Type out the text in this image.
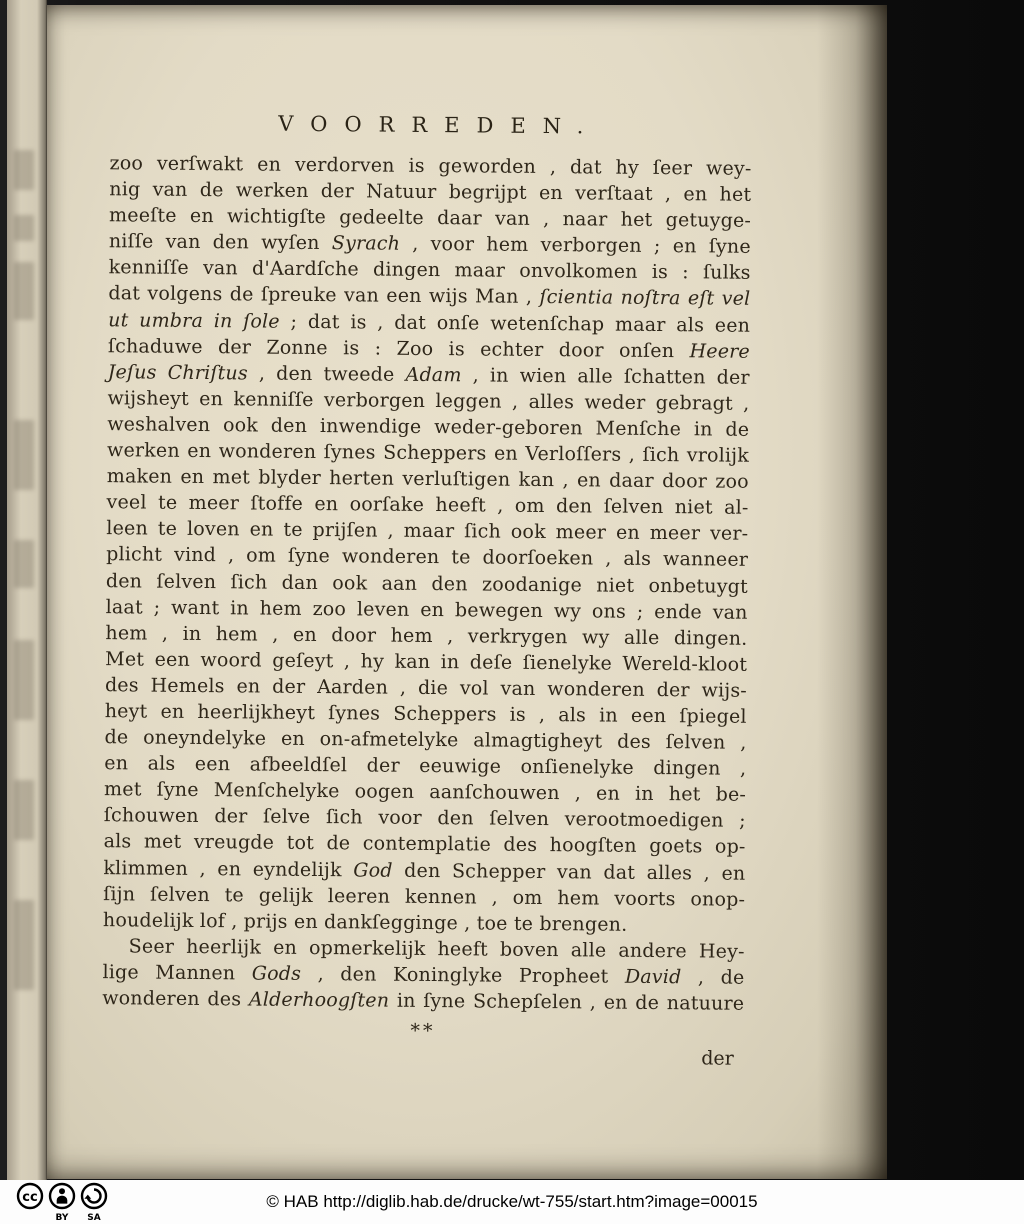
VOORREDEN.
zoo verſwakt en verdorven is geworden , dat hy ſeer wey-
nig van de werken der Natuur begrijpt en verſtaat , en het
meeſte en wichtigſte gedeelte daar van , naar het getuyge-
niſſe van den wyſen Syrach , voor hem verborgen ; en ſyne
kenniſſe van d'Aardſche dingen maar onvolkomen is : ſulks
dat volgens de ſpreuke van een wijs Man , ſcientia noſtra eſt vel
ut umbra in ſole ; dat is , dat onſe wetenſchap maar als een
ſchaduwe der Zonne is : Zoo is echter door onſen Heere
Jeſus Chriſtus , den tweede Adam , in wien alle ſchatten der
wijsheyt en kenniſſe verborgen leggen , alles weder gebragt ,
weshalven ook den inwendige weder-geboren Menſche in de
werken en wonderen ſynes Scheppers en Verloſſers , ſich vrolijk
maken en met blyder herten verluſtigen kan , en daar door zoo
veel te meer ſtoffe en oorſake heeft , om den ſelven niet al-
leen te loven en te prijſen , maar ſich ook meer en meer ver-
plicht vind , om ſyne wonderen te doorſoeken , als wanneer
den ſelven ſich dan ook aan den zoodanige niet onbetuygt
laat ; want in hem zoo leven en bewegen wy ons ; ende van
hem , in hem , en door hem , verkrygen wy alle dingen.
Met een woord geſeyt , hy kan in deſe ſienelyke Wereld-kloot
des Hemels en der Aarden , die vol van wonderen der wijs-
heyt en heerlijkheyt ſynes Scheppers is , als in een ſpiegel
de oneyndelyke en on-afmetelyke almagtigheyt des ſelven ,
en als een afbeeldſel der eeuwige onſienelyke dingen ,
met ſyne Menſchelyke oogen aanſchouwen , en in het be-
ſchouwen der ſelve ſich voor den ſelven verootmoedigen ;
als met vreugde tot de contemplatie des hoogſten goets op-
klimmen , en eyndelijk God den Schepper van dat alles , en
ſijn ſelven te gelijk leeren kennen , om hem voorts onop-
houdelijk lof , prijs en dankſegginge , toe te brengen.
Seer heerlijk en opmerkelijk heeft boven alle andere Hey-
lige Mannen Gods , den Koninglyke Propheet David , de
wonderen des Alderhoogſten in ſyne Schepſelen , en de natuure
**
der
cc
BY SA
© HAB http://diglib.hab.de/drucke/wt-755/start.htm?image=00015
